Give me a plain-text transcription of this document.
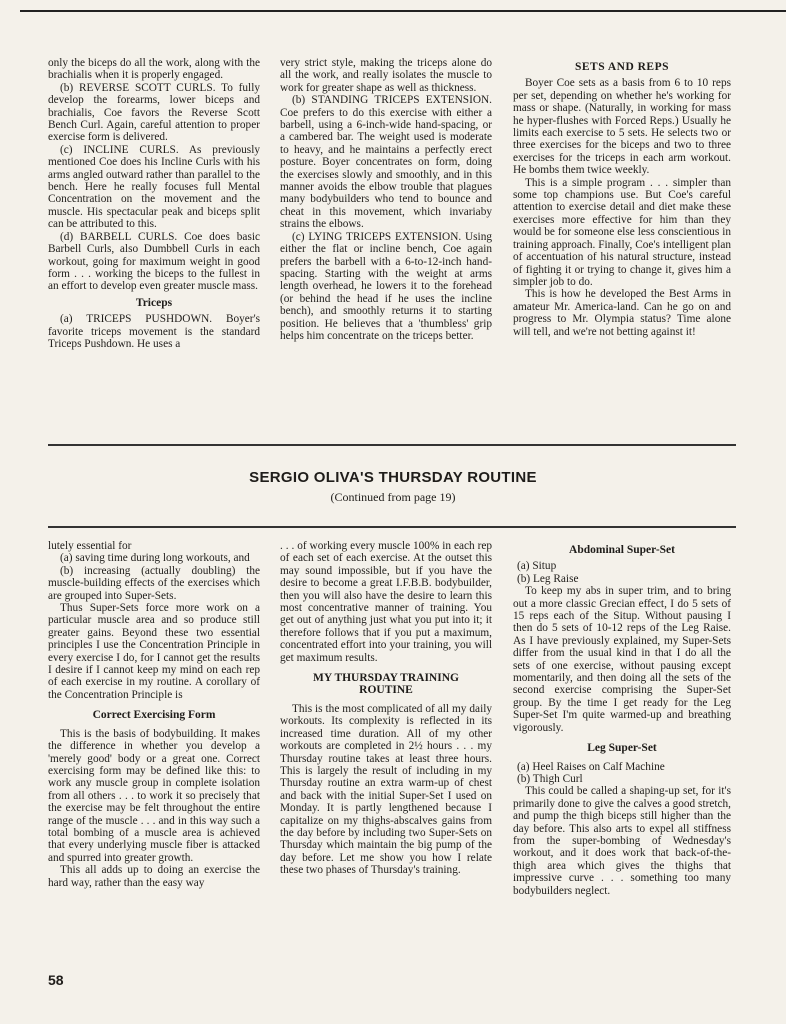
only the biceps do all the work, along with the brachialis when it is properly engaged.

(b) REVERSE SCOTT CURLS. To fully develop the forearms, lower biceps and brachialis, Coe favors the Reverse Scott Bench Curl. Again, careful attention to proper exercise form is delivered.

(c) INCLINE CURLS. As previously mentioned Coe does his Incline Curls with his arms angled outward rather than parallel to the bench. Here he really focuses full Mental Concentration on the movement and the muscle. His spectacular peak and biceps split can be attributed to this.

(d) BARBELL CURLS. Coe does basic Barbell Curls, also Dumbbell Curls in each workout, going for maximum weight in good form . . . working the biceps to the fullest in an effort to develop even greater muscle mass.

Triceps

(a) TRICEPS PUSHDOWN. Boyer's favorite triceps movement is the standard Triceps Pushdown. He uses a

very strict style, making the triceps alone do all the work, and really isolates the muscle to work for greater shape as well as thickness.

(b) STANDING TRICEPS EXTENSION. Coe prefers to do this exercise with either a barbell, using a 6-inch-wide hand-spacing, or a cambered bar. The weight used is moderate to heavy, and he maintains a perfectly erect posture. Boyer concentrates on form, doing the exercises slowly and smoothly, and in this manner avoids the elbow trouble that plagues many bodybuilders who tend to bounce and cheat in this movement, which invariaby strains the elbows.

(c) LYING TRICEPS EXTENSION. Using either the flat or incline bench, Coe again prefers the barbell with a 6-to-12-inch hand-spacing. Starting with the weight at arms length overhead, he lowers it to the forehead (or behind the head if he uses the incline bench), and smoothly returns it to starting position. He believes that a 'thumbless' grip helps him concentrate on the triceps better.

SETS AND REPS

Boyer Coe sets as a basis from 6 to 10 reps per set, depending on whether he's working for mass or shape. (Naturally, in working for mass he hyper-flushes with Forced Reps.) Usually he limits each exercise to 5 sets. He selects two or three exercises for the biceps and two to three exercises for the triceps in each arm workout. He bombs them twice weekly.

This is a simple program . . . simpler than some top champions use. But Coe's careful attention to exercise detail and diet make these exercises more effective for him than they would be for someone else less conscientious in training approach. Finally, Coe's intelligent plan of accentuation of his natural structure, instead of fighting it or trying to change it, gives him a simpler job to do.

This is how he developed the Best Arms in amateur Mr. America-land. Can he go on and progress to Mr. Olympia status? Time alone will tell, and we're not betting against it!

SERGIO OLIVA'S THURSDAY ROUTINE
(Continued from page 19)

lutely essential for

(a) saving time during long workouts, and

(b) increasing (actually doubling) the muscle-building effects of the exercises which are grouped into Super-Sets.

Thus Super-Sets force more work on a particular muscle area and so produce still greater gains. Beyond these two essential principles I use the Concentration Principle in every exercise I do, for I cannot get the results I desire if I cannot keep my mind on each rep of each exercise in my routine. A corollary of the Concentration Principle is

Correct Exercising Form

This is the basis of bodybuilding. It makes the difference in whether you develop a 'merely good' body or a great one. Correct exercising form may be defined like this: to work any muscle group in complete isolation from all others . . . to work it so precisely that the exercise may be felt throughout the entire range of the muscle . . . and in this way such a total bombing of a muscle area is achieved that every underlying muscle fiber is attacked and spurred into greater growth.

This all adds up to doing an exercise the hard way, rather than the easy way

. . . of working every muscle 100% in each rep of each set of each exercise. At the outset this may sound impossible, but if you have the desire to become a great I.F.B.B. bodybuilder, then you will also have the desire to learn this most concentrative manner of training. You get out of anything just what you put into it; it therefore follows that if you put a maximum, concentrated effort into your training, you will get maximum results.

MY THURSDAY TRAINING ROUTINE

This is the most complicated of all my daily workouts. Its complexity is reflected in its increased time duration. All of my other workouts are completed in 2½ hours . . . my Thursday routine takes at least three hours. This is largely the result of including in my Thursday routine an extra warm-up of chest and back with the initial Super-Set I used on Monday. It is partly lengthened because I capitalize on my thighs-abscalves gains from the day before by including two Super-Sets on Thursday which maintain the big pump of the day before. Let me show you how I relate these two phases of Thursday's training.

Abdominal Super-Set

(a) Situp

(b) Leg Raise

To keep my abs in super trim, and to bring out a more classic Grecian effect, I do 5 sets of 15 reps each of the Situp. Without pausing I then do 5 sets of 10-12 reps of the Leg Raise. As I have previously explained, my Super-Sets differ from the usual kind in that I do all the sets of one exercise, without pausing except momentarily, and then doing all the sets of the second exercise comprising the Super-Set group. By the time I get ready for the Leg Super-Set I'm quite warmed-up and breathing vigorously.

Leg Super-Set

(a) Heel Raises on Calf Machine

(b) Thigh Curl

This could be called a shaping-up set, for it's primarily done to give the calves a good stretch, and pump the thigh biceps still higher than the day before. This also arts to expel all stiffness from the super-bombing of Wednesday's workout, and it does work that back-of-the-thigh area which gives the thighs that impressive curve . . . something too many bodybuilders neglect.

58
